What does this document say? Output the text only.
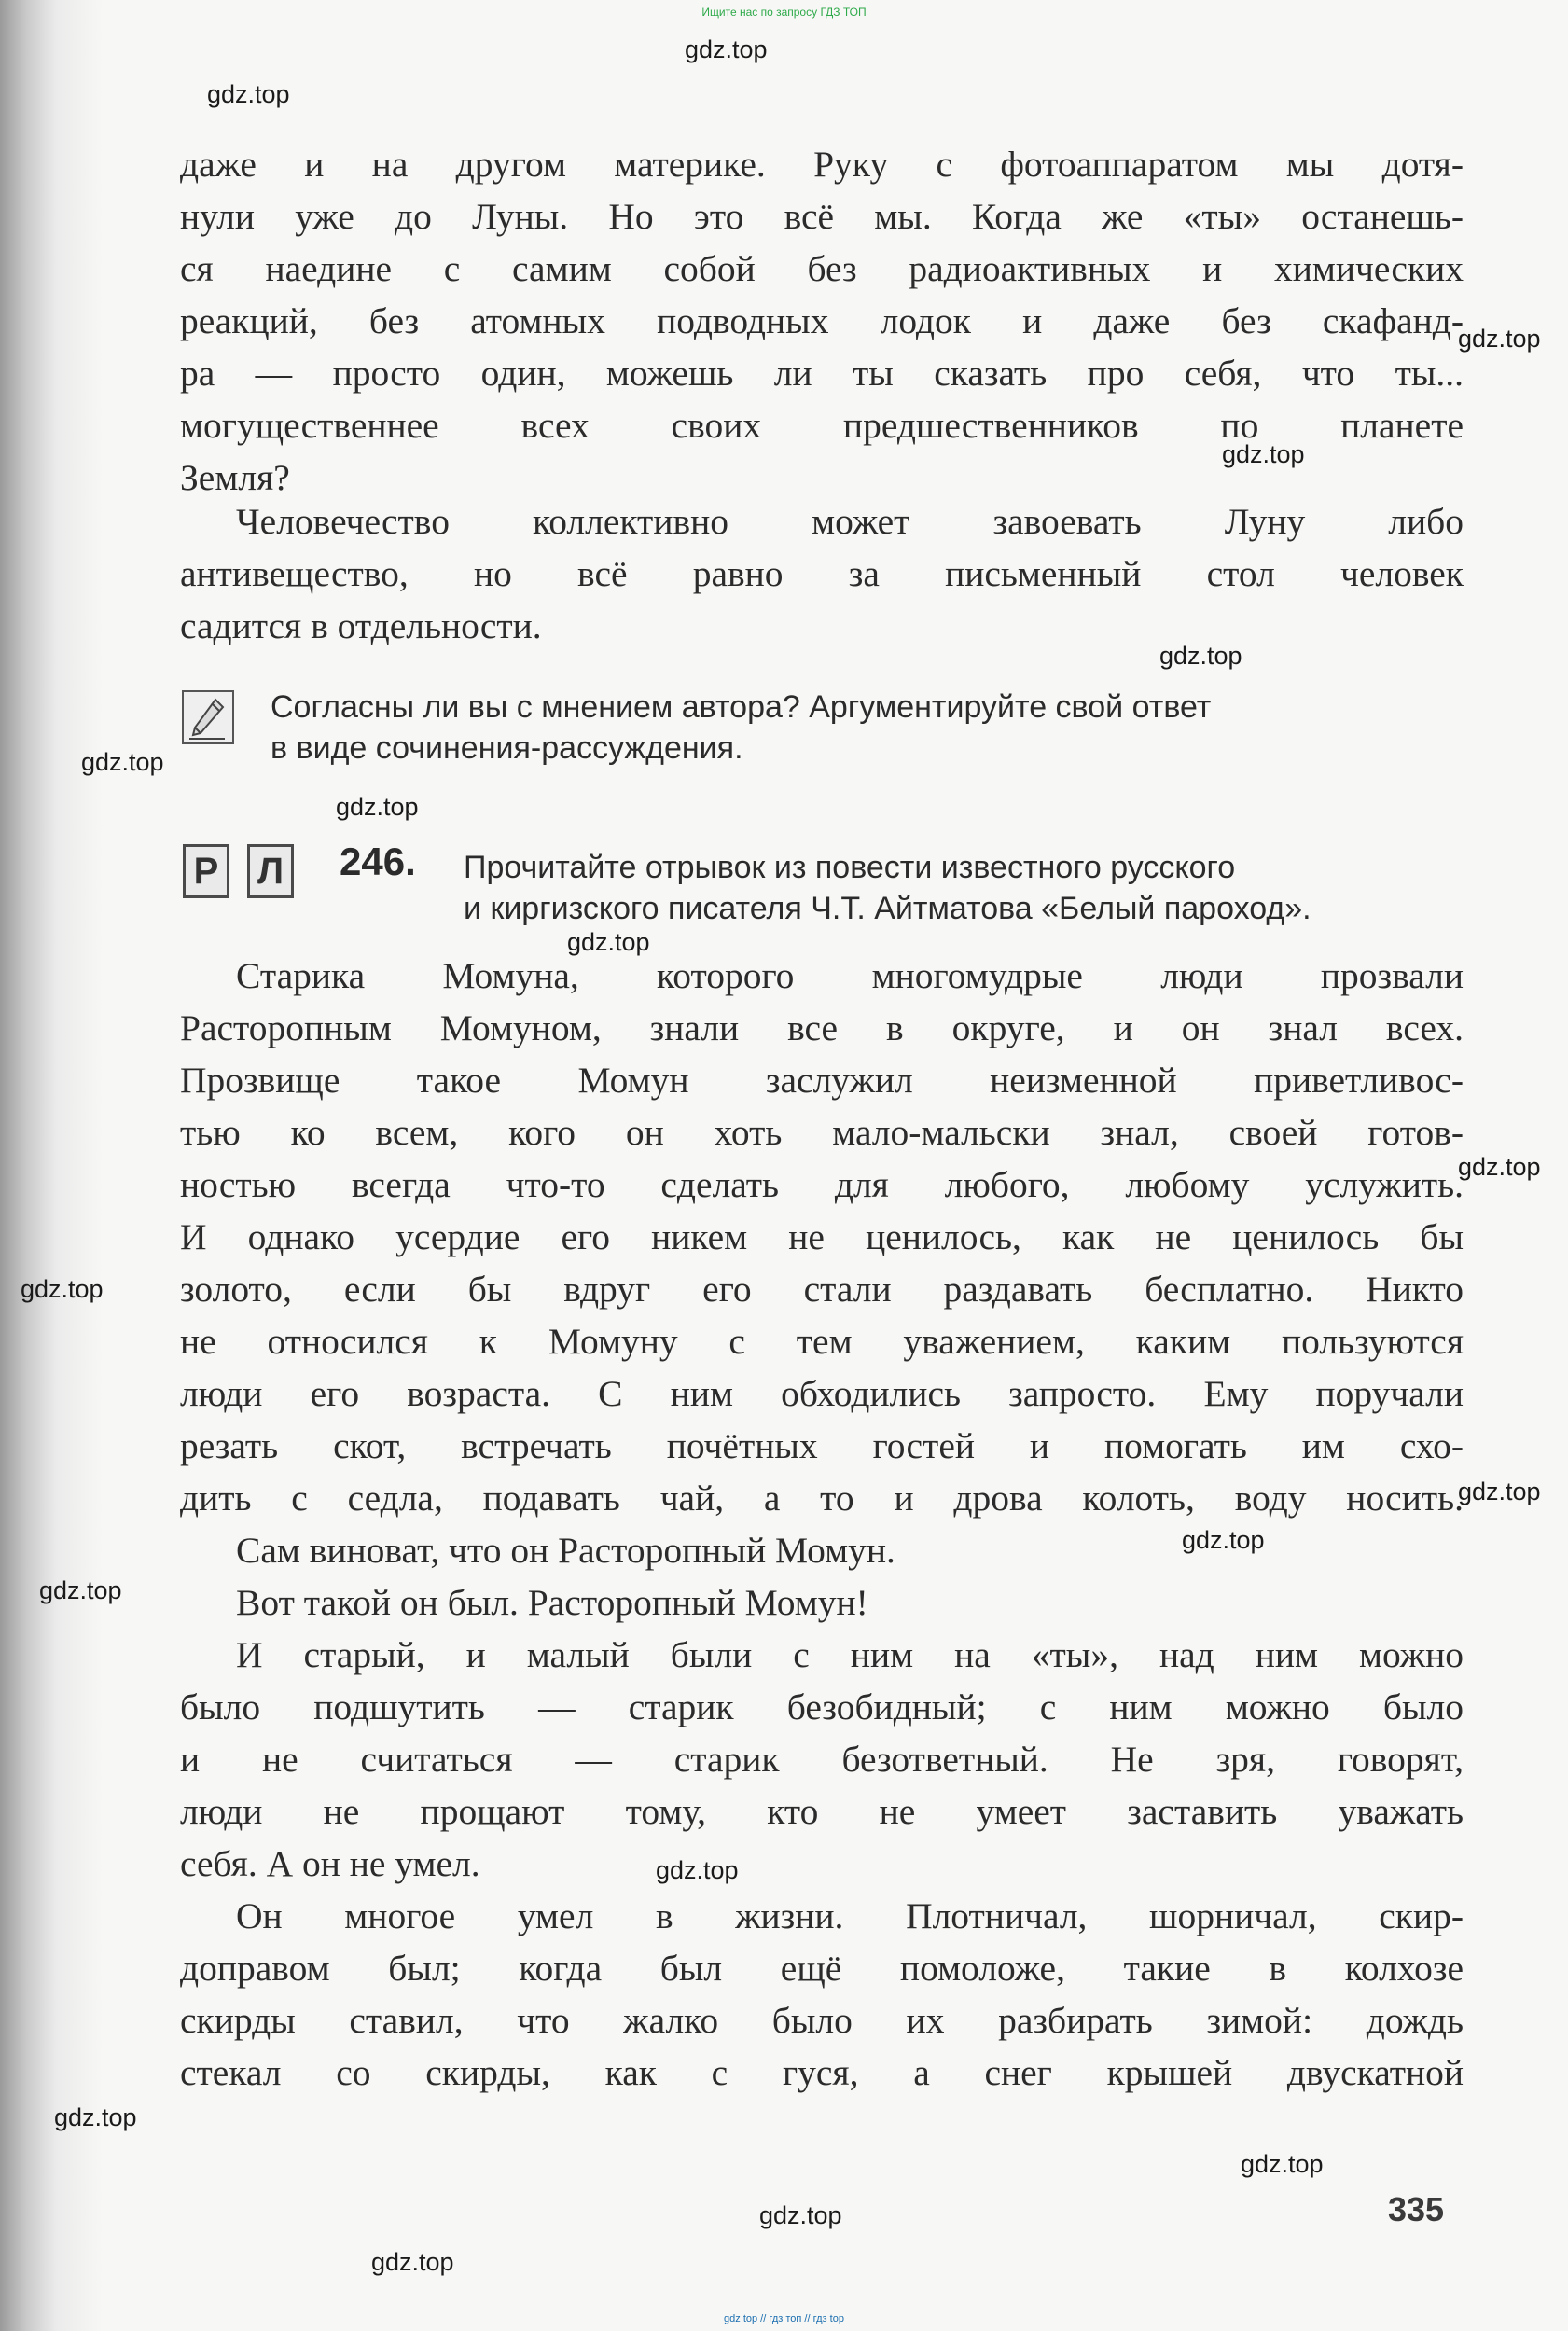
Ищите нас по запросу ГДЗ ТОП
даже и на другом материке. Руку с фотоаппаратом мы дотя-
нули уже до Луны. Но это всё мы. Когда же «ты» останешь-
ся наедине с самим собой без радиоактивных и химических
реакций, без атомных подводных лодок и даже без скафанд-
ра — просто один, можешь ли ты сказать про себя, что ты...
могущественнее всех своих предшественников по планете
Земля?
Человечество коллективно может завоевать Луну либо
антивещество, но всё равно за письменный стол человек
садится в отдельности.
Согласны ли вы с мнением автора? Аргументируйте свой ответ
в виде сочинения-рассуждения.
Р Л 246. Прочитайте отрывок из повести известного русского
и киргизского писателя Ч.Т. Айтматова «Белый пароход».
Старика Момуна, которого многомудрые люди прозвали
Расторопным Момуном, знали все в округе, и он знал всех.
Прозвище такое Момун заслужил неизменной приветливос-
тью ко всем, кого он хоть мало-мальски знал, своей готов-
ностью всегда что-то сделать для любого, любому услужить.
И однако усердие его никем не ценилось, как не ценилось бы
золото, если бы вдруг его стали раздавать бесплатно. Никто
не относился к Момуну с тем уважением, каким пользуются
люди его возраста. С ним обходились запросто. Ему поручали
резать скот, встречать почётных гостей и помогать им схо-
дить с седла, подавать чай, а то и дрова колоть, воду носить.
Сам виноват, что он Расторопный Момун.
Вот такой он был. Расторопный Момун!
И старый, и малый были с ним на «ты», над ним можно
было подшутить — старик безобидный; с ним можно было
и не считаться — старик безответный. Не зря, говорят,
люди не прощают тому, кто не умеет заставить уважать
себя. А он не умел.
Он многое умел в жизни. Плотничал, шорничал, скир-
доправом был; когда был ещё помоложе, такие в колхозе
скирды ставил, что жалко было их разбирать зимой: дождь
стекал со скирды, как с гуся, а снег крышей двускатной
335
gdz.top
gdz.top
gdz.top
gdz.top
gdz.top
gdz.top
gdz.top
gdz.top
gdz.top
gdz.top
gdz.top
gdz.top
gdz.top
gdz.top
gdz.top
gdz.top
gdz.top
gdz.top
gdz top // гдз топ // гдз top
